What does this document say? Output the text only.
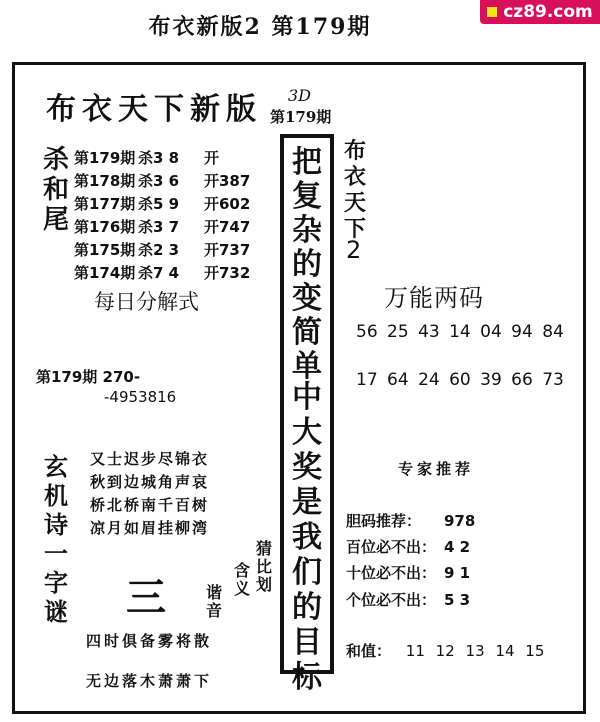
布衣新版2 第179期
cz89.com
布衣天下新版 3D
第179期
杀和尾
第179期 杀3 8	开
第178期 杀3 6	开387
第177期 杀5 9	开602
第176期 杀3 7	开747
第175期 杀2 3	开737
第174期 杀7 4	开732
每日分解式
第179期 270-
-4953816
把复杂的变简单
中大奖是我们的目标
布衣天下
2
万能两码
56 25 43 14 04 94 84
17 64 24 60 39 66 73
专家推荐
胆码推荐： 978
百位必不出： 4 2
十位必不出： 9 1
个位必不出： 5 3
和值： 11 12 13 14 15
玄机诗一字谜
又士迟步尽锦衣
秋到边城角声哀
桥北桥南千百树
凉月如眉挂柳湾
三	谐音
含义
猜比划
四时俱备雾将散
无边落木萧萧下
